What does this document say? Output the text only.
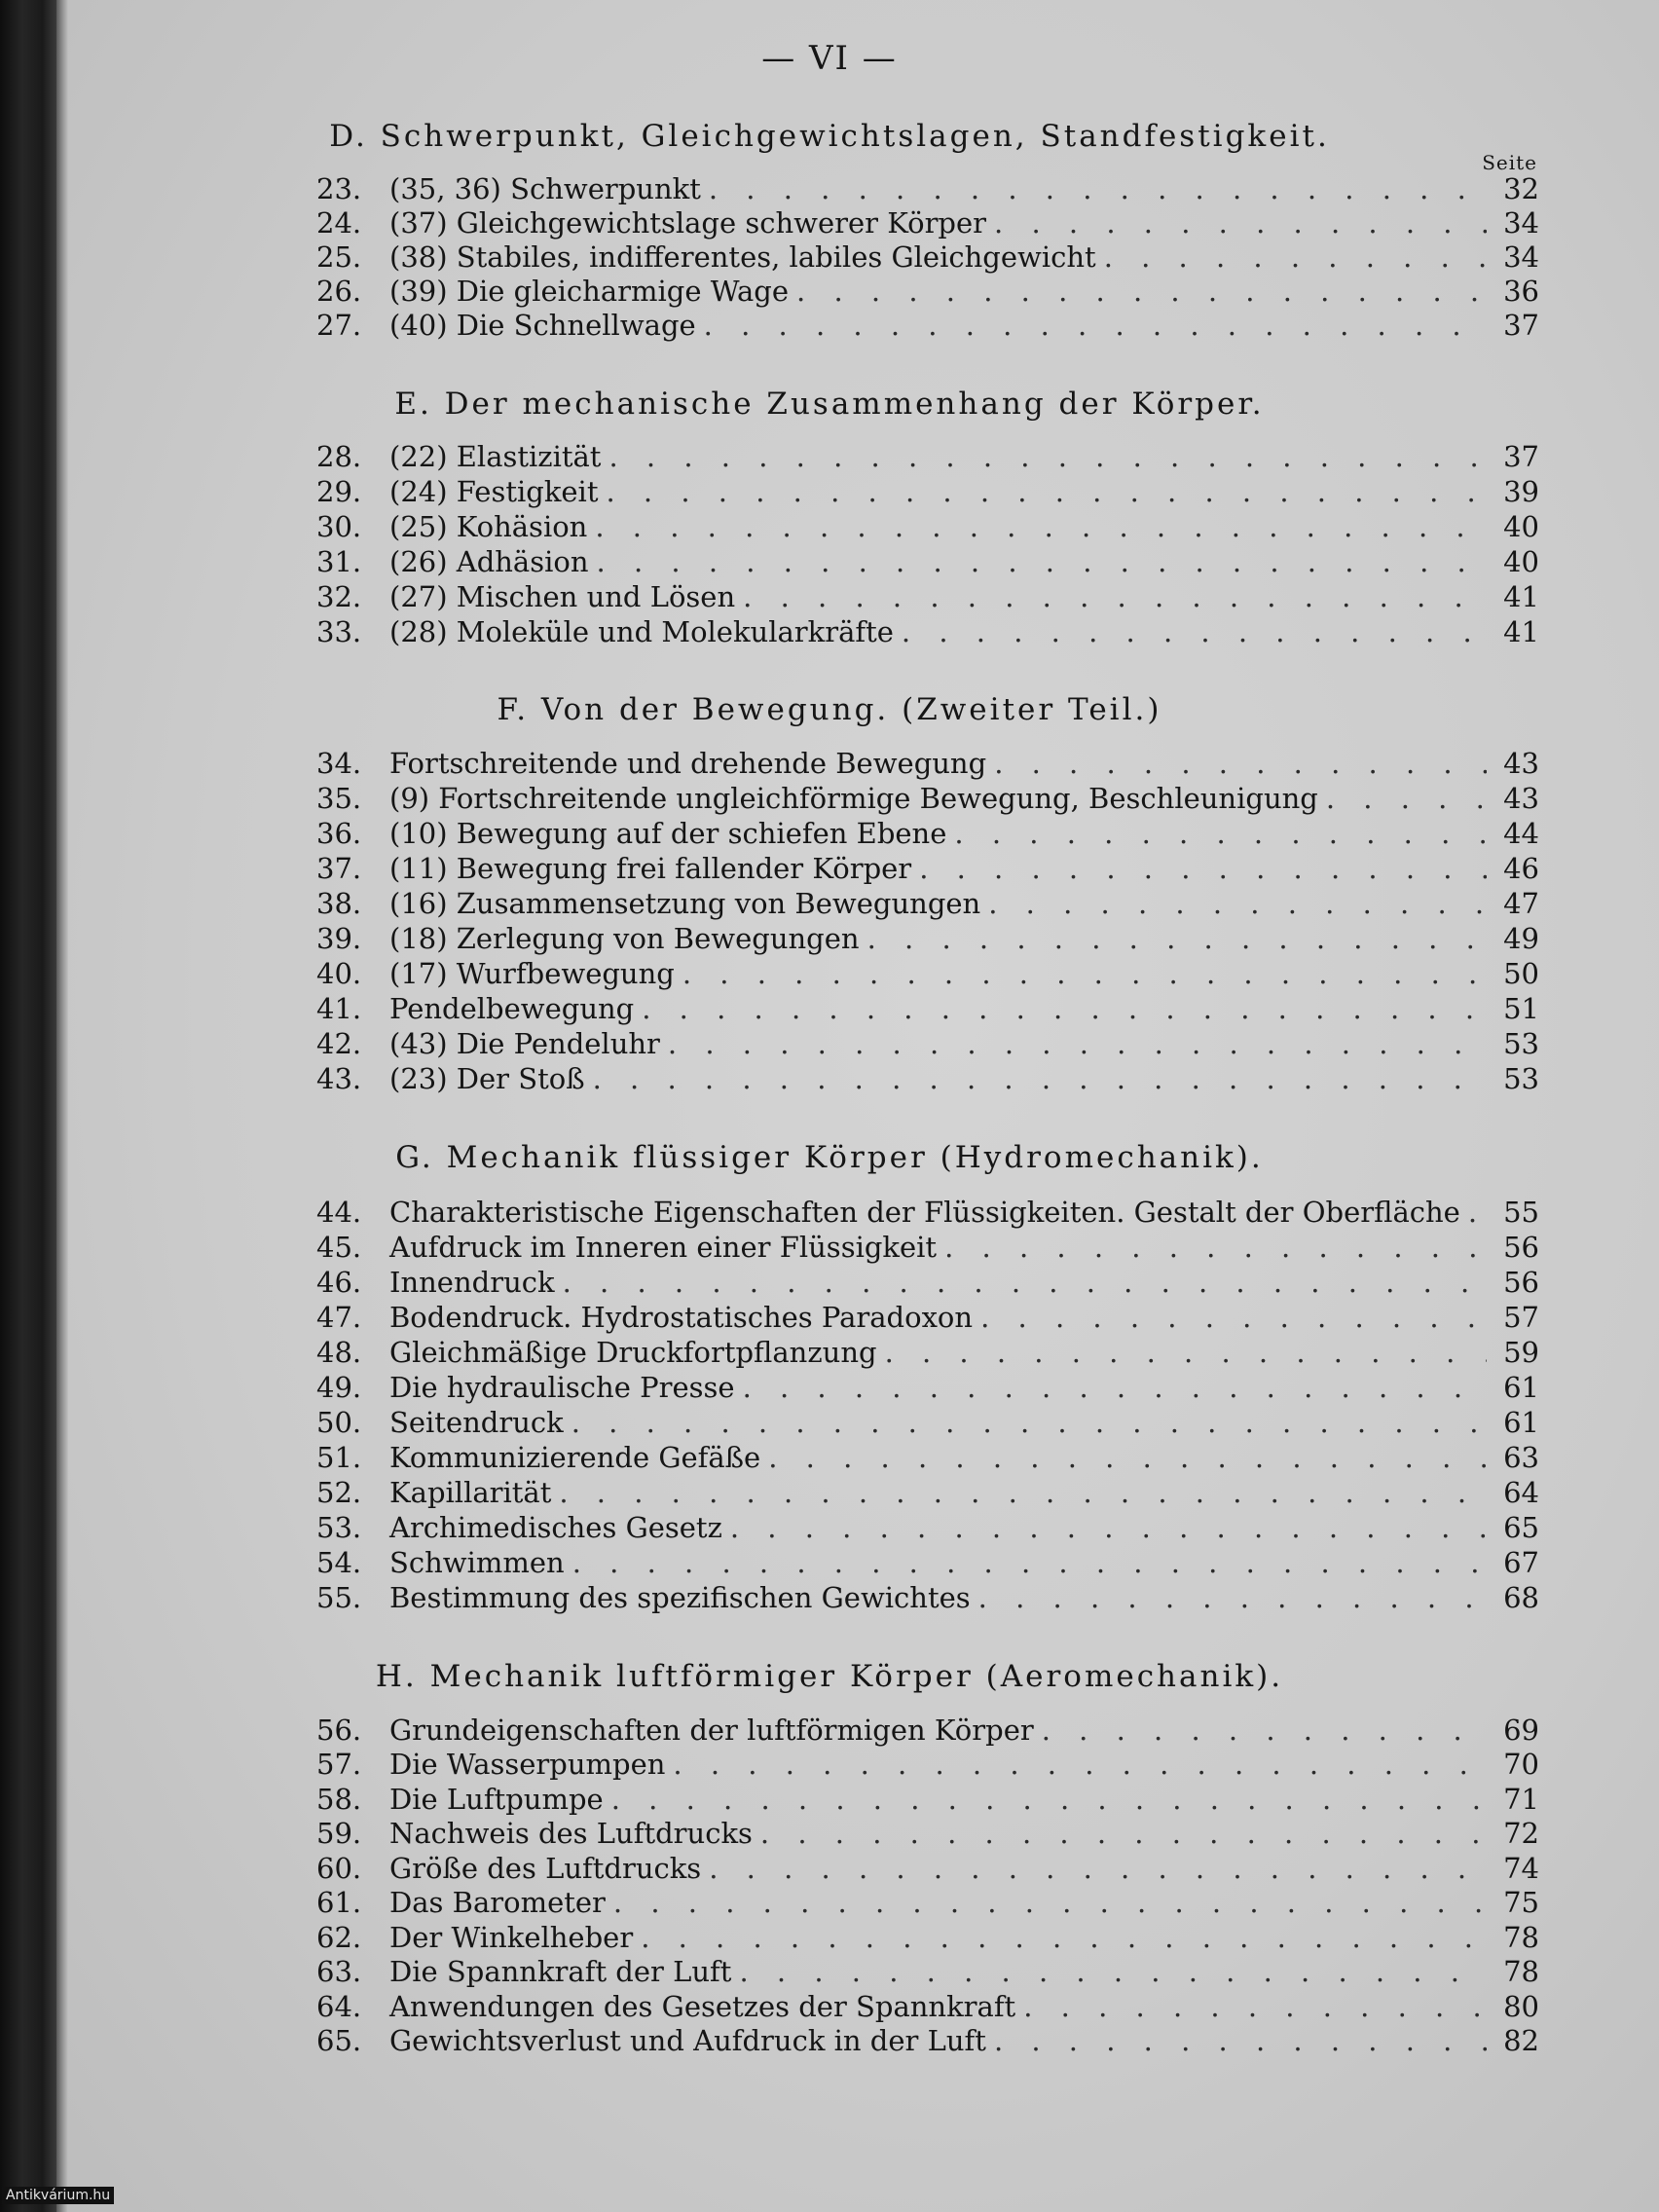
— VI —
Seite
D. Schwerpunkt, Gleichgewichtslagen, Standfestigkeit.
23. (35, 36) Schwerpunkt . . .	32
24. (37) Gleichgewichtslage schwerer Körper . . .	34
25. (38) Stabiles, indifferentes, labiles Gleichgewicht . . .	34
26. (39) Die gleicharmige Wage . . .	36
27. (40) Die Schnellwage . . .	37
E. Der mechanische Zusammenhang der Körper.
28. (22) Elastizität . . .	37
29. (24) Festigkeit . . .	39
30. (25) Kohäsion . . .	40
31. (26) Adhäsion . . .	40
32. (27) Mischen und Lösen . . .	41
33. (28) Moleküle und Molekularkräfte . . .	41
F. Von der Bewegung. (Zweiter Teil.)
34. Fortschreitende und drehende Bewegung . . .	43
35. (9) Fortschreitende ungleichförmige Bewegung, Beschleunigung . . .	43
36. (10) Bewegung auf der schiefen Ebene . . .	44
37. (11) Bewegung frei fallender Körper . . .	46
38. (16) Zusammensetzung von Bewegungen . . .	47
39. (18) Zerlegung von Bewegungen . . .	49
40. (17) Wurfbewegung . . .	50
41. Pendelbewegung . . .	51
42. (43) Die Pendeluhr . . .	53
43. (23) Der Stoß . . .	53
G. Mechanik flüssiger Körper (Hydromechanik).
44. Charakteristische Eigenschaften der Flüssigkeiten. Gestalt der Oberfläche . . .	55
45. Aufdruck im Inneren einer Flüssigkeit . . .	56
46. Innendruck . . .	56
47. Bodendruck. Hydrostatisches Paradoxon . . .	57
48. Gleichmäßige Druckfortpflanzung . . .	59
49. Die hydraulische Presse . . .	61
50. Seitendruck . . .	61
51. Kommunizierende Gefäße . . .	63
52. Kapillarität . . .	64
53. Archimedisches Gesetz . . .	65
54. Schwimmen . . .	67
55. Bestimmung des spezifischen Gewichtes . . .	68
H. Mechanik luftförmiger Körper (Aeromechanik).
56. Grundeigenschaften der luftförmigen Körper . . .	69
57. Die Wasserpumpen . . .	70
58. Die Luftpumpe . . .	71
59. Nachweis des Luftdrucks . . .	72
60. Größe des Luftdrucks . . .	74
61. Das Barometer . . .	75
62. Der Winkelheber . . .	78
63. Die Spannkraft der Luft . . .	78
64. Anwendungen des Gesetzes der Spannkraft . . .	80
65. Gewichtsverlust und Aufdruck in der Luft . . .	82
Antikvárium.hu
